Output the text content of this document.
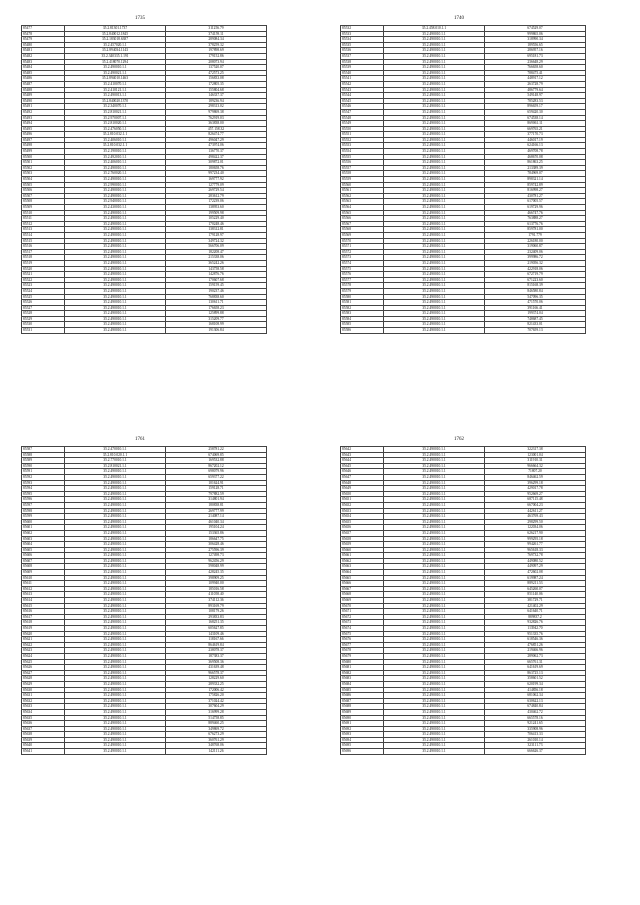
1735
85477	35.2.81301.1737	311256.79
85478	35.2.840012.1845	374159.11
85479	35.2.183018.6387	289084.34
85480	35.2.457020.1.1	378259.32
85481	35.2.894034.1143	197898.69
85482	35.2.340335.1.191	179152.86
85483	35.2.418070.1294	208073.94
85484	35.2.490010.1.1	137520.07
85485	35.2.490021.1.1	472573.25
85486	35.2.894010.1463	156833.08
85487	35.2.410070.1.1	172805.35
85488	35.2.410121.1.1	155804.68
85489	35.2.490013.1.1	146337.37
85490	35.2.840020.1370	189236.94
85491	35.2.340070.1.1	298313.02
85492	35.2.810021.1.1	979869.38
85493	35.2.970007.1.1	762919.03
85494	35.2.810020.1.1	363838.00
85495	35.2.476050.1.1	457.158.32
85496	35.2.810.032.1.1	826474.77
85497	35.2.406010.1.1	496047.29
85498	35.2.810.032.1.1	473974.06
85499	35.2.190010.1.1	136770.37
85500	35.2.492010.1.1	498422.37
85501	35.2.406010.1.1	309872.01
85502	35.2.490010.1.1	180658.76
85503	35.2.760020.1.1	997234.40
85504	35.2.490010.1.1	169777.92
85505	35.2.990010.1.1	127779.09
85506	35.2.490010.1.1	269729.54
85507	35.2.490010.1.1	283612.79
85508	35.2.940010.1.1	172239.06
85509	35.2.430010.1.1	138953.60
85510	35.2.490010.1.1	199509.98
85511	35.2.490010.1.1	105229.40
85512	35.2.490010.1.1	170248.46
85513	35.2.490010.1.1	138312.81
85514	35.2.490010.1.1	179128.97
85515	35.2.490010.1.1	349724.32
85516	35.2.490010.1.1	566706.09
85517	35.2.490010.1.1	182208.47
85518	35.2.490010.1.1	215338.06
85519	35.2.490010.1.1	365242.26
85520	35.2.490010.1.1	143758.58
85521	35.2.490010.1.1	142876.76
85522	35.2.490010.1.1	170607.68
85523	35.2.490010.1.1	159159.45
85524	35.2.490010.1.1	190237.46
85525	35.2.490010.1.1	768838.60
85526	35.2.490010.1.1	130611.71
85527	35.2.490010.1.1	176658.23
85528	35.2.490010.1.1	125899.88
85529	35.2.490010.1.1	315209.77
85530	35.2.490010.1.1	168108.99
85531	35.2.490010.1.1	191306.84
1740
85532	35.2.458.010.1.1	674529.07
85533	35.2.490010.1.1	999865.06
85534	35.2.490010.1.1	318990.34
85535	35.2.490010.1.1	189556.65
85536	35.2.490010.1.1	286957.16
85537	35.2.490010.1.1	695181.73
85538	35.2.490010.1.1	236648.29
85539	35.2.490010.1.1	766658.60
85540	35.2.490010.1.1	788475.41
85541	35.2.490010.1.1	448917.12
85542	35.2.490010.1.1	263728.79
85543	35.2.490010.1.1	486779.64
85544	35.2.490010.1.1	549148.97
85545	35.2.490010.1.1	785283.53
85546	35.2.490010.1.1	896659.17
85547	35.2.490010.1.1	659420.30
85548	35.2.490010.1.1	674538.14
85549	35.2.490010.1.1	869061.11
85550	35.2.490010.1.1	669765.21
85551	35.2.490010.1.1	377170.73
85552	35.2.490010.1.1	446017.19
85553	35.2.490010.1.1	624166.13
85554	35.2.490010.1.1	469708.78
85555	35.2.490010.1.1	468670.08
85556	35.2.490010.1.1	861863.25
85557	35.2.490010.1.1	213389.39
85558	35.2.490010.1.1	784969.07
85559	35.2.490010.1.1	898321.14
85560	35.2.490010.1.1	859742.89
85561	35.2.490010.1.1	816998.27
85562	35.2.490010.1.1	430781.27
85563	35.2.490010.1.1	617005.57
85564	35.2.490010.1.1	619729.96
85565	35.2.490010.1.1	466747.76
85566	35.2.490010.1.1	763888.27
85567	35.2.490010.1.1	613776.76
85568	35.2.490010.1.1	859781.00
85569	35.2.490010.1.1	1791.779
85570	35.2.490010.1.1	226180.00
85571	35.2.490010.1.1	319060.87
85572	35.2.490010.1.1	232409.06
85573	35.2.490010.1.1	399986.72
85574	35.2.490010.1.1	219056.32
85575	35.2.490010.1.1	422918.06
85576	35.2.490010.1.1	672719.79
85577	35.2.490010.1.1	671223.60
85578	35.2.490010.1.1	815168.39
85579	35.2.490010.1.1	846580.84
85580	35.2.490010.1.1	547096.35
85581	35.2.490010.1.1	471570.06
85582	35.2.490010.1.1	391166.41
85583	35.2.490010.1.1	199374.04
85584	35.2.490010.1.1	748687.45
85585	35.2.490010.1.1	821433.01
85586	35.2.490010.1.1	707659.13
1761
85587	35.2.470010.1.1	258781.22
85588	35.2.810.020.1.1	674069.85
85589	35.2.770010.1.1	169532.88
85590	35.2.810021.1.1	867202.12
85591	35.2.490010.1.1	698079.96
85592	35.2.490010.1.1	659377.22
85593	35.2.490010.1.1	101624.91
85594	35.2.490010.1.1	159128.71
85595	35.2.490010.1.1	797882.59
85596	35.2.490010.1.1	314801.94
85597	35.2.490010.1.1	180838.81
85598	35.2.490010.1.1	269777.99
85599	35.2.490010.1.1	214087.14
85600	35.2.490010.1.1	461040.34
85601	35.2.490010.1.1	195104.24
85602	35.2.490010.1.1	153365.86
85603	35.2.490010.1.1	186647.75
85604	35.2.490010.1.1	306428.46
85605	35.2.490010.1.1	275596.39
85606	35.2.490010.1.1	127498.73
85607	35.2.490010.1.1	962456.29
85608	35.2.490010.1.1	598048.99
85609	35.2.490010.1.1	428245.35
85610	35.2.490010.1.1	398909.25
85611	35.2.490010.1.1	109940.00
85612	35.2.490010.1.1	185016.58
85613	35.2.490010.1.1	411058.40
85614	35.2.490010.1.1	374112.36
85615	35.2.490010.1.1	893169.79
85616	35.2.490010.1.1	108179.26
85617	35.2.490010.1.1	293833.83
85618	35.2.490010.1.1	168251.35
85619	35.2.490010.1.1	605627.85
85620	35.2.490010.1.1	143109.46
85621	35.2.490010.1.1	118167.66
85622	35.2.490010.1.1	864619.84
85623	35.2.490010.1.1	238078.37
85624	35.2.490010.1.1	187383.37
85625	35.2.490010.1.1	369508.36
85626	35.2.490010.1.1	431639.48
85627	35.2.490010.1.1	966578.37
85628	35.2.490010.1.1	128229.60
85629	35.2.490010.1.1	289332.25
85630	35.2.490010.1.1	172006.42
85631	35.2.490010.1.1	175826.20
85632	35.2.490010.1.1	371024.42
85633	35.2.490010.1.1	307604.29
85634	35.2.490010.1.1	316999.28
85635	35.2.490010.1.1	514758.85
85636	35.2.490010.1.1	889460.25
85637	35.2.490010.1.1	349869.72
85638	35.2.490010.1.1	676273.29
85639	35.2.490010.1.1	360761.29
85640	35.2.490010.1.1	348768.06
85641	35.2.490010.1.1	142111.26
1762
85642	35.2.490010.1.1	322317.38
85643	35.2.490010.1.1	123001.04
85644	35.2.490010.1.1	311910.31
85645	35.2.490010.1.1	966664.32
85646	35.2.490010.1.1	71807.20
85647	35.2.490010.1.1	846462.59
85648	35.2.490010.1.1	396299.18
85649	35.2.490010.1.1	429017.78
85650	35.2.490010.1.1	952669.27
85651	35.2.490010.1.1	687115.48
85652	35.2.490010.1.1	667004.23
85653	35.2.490010.1.1	442611.27
85654	35.2.490010.1.1	463769.43
85655	35.2.490010.1.1	298299.50
85656	35.2.490010.1.1	122034.06
85657	35.2.490010.1.1	626217.90
85658	35.2.490010.1.1	999295.18
85659	35.2.490010.1.1	994261.77
85660	35.2.490010.1.1	965618.33
85661	35.2.490010.1.1	769732.78
85662	35.2.490010.1.1	449080.52
85663	35.2.490010.1.1	449097.29
85664	35.2.490010.1.1	472602.08
85665	35.2.490010.1.1	619987.24
85666	35.2.490010.1.1	889211.53
85667	35.2.490010.1.1	645260.07
85668	35.2.490010.1.1	851140.06
85669	35.2.490010.1.1	381729.71
85670	35.2.490010.1.1	421402.29
85671	35.2.490010.1.1	641640.71
85672	35.2.490010.1.1	889837.2
85673	35.2.490010.1.1	932826.76
85674	35.2.490010.1.1	113942.70
85675	35.2.490010.1.1	951335.76
85676	35.2.490010.1.1	618546.36
85677	35.2.490010.1.1	476851.26
85678	35.2.490010.1.1	219466.96
85679	35.2.490010.1.1	289062.73
85680	35.2.490010.1.1	665761.31
85681	35.2.490010.1.1	641619.69
85682	35.2.490010.1.1	863725.13
85683	35.2.490010.1.1	358601.52
85684	35.2.490010.1.1	620199.34
85685	35.2.490010.1.1	414856.18
85686	35.2.490010.1.1	681062.34
85687	35.2.490010.1.1	630622.13
85688	35.2.490010.1.1	674840.84
85689	35.2.490010.1.1	430462.72
85690	35.2.490010.1.1	665578.16
85691	35.2.490010.1.1	921241.65
85692	35.2.490010.1.1	335908.96
85693	35.2.490010.1.1	706413.33
85694	35.2.490010.1.1	261010.14
85695	35.2.490010.1.1	323111.73
85696	35.2.490010.1.1	666626.37
